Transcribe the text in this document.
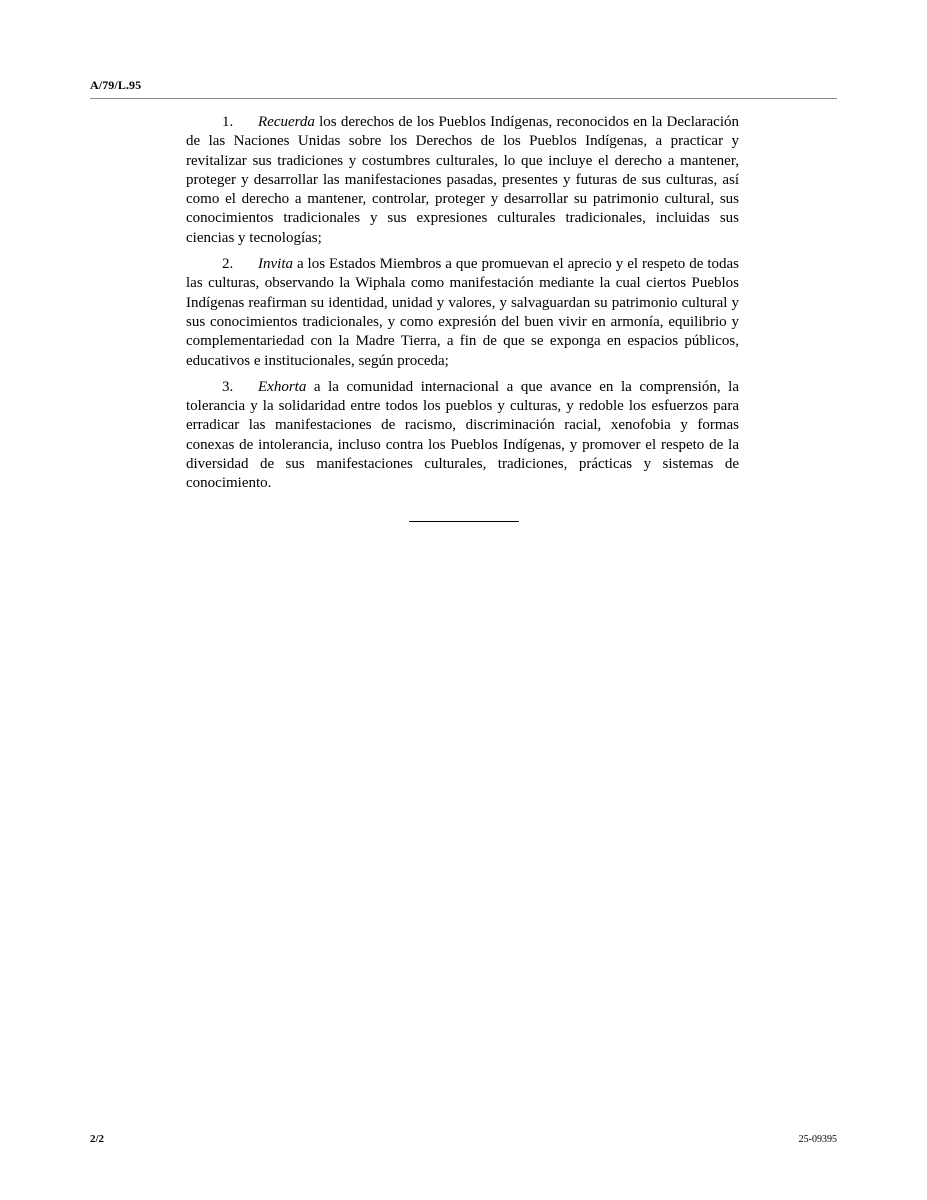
A/79/L.95

1. Recuerda los derechos de los Pueblos Indígenas, reconocidos en la Declaración de las Naciones Unidas sobre los Derechos de los Pueblos Indígenas, a practicar y revitalizar sus tradiciones y costumbres culturales, lo que incluye el derecho a mantener, proteger y desarrollar las manifestaciones pasadas, presentes y futuras de sus culturas, así como el derecho a mantener, controlar, proteger y desarrollar su patrimonio cultural, sus conocimientos tradicionales y sus expresiones culturales tradicionales, incluidas sus ciencias y tecnologías;

2. Invita a los Estados Miembros a que promuevan el aprecio y el respeto de todas las culturas, observando la Wiphala como manifestación mediante la cual ciertos Pueblos Indígenas reafirman su identidad, unidad y valores, y salvaguardan su patrimonio cultural y sus conocimientos tradicionales, y como expresión del buen vivir en armonía, equilibrio y complementariedad con la Madre Tierra, a fin de que se exponga en espacios públicos, educativos e institucionales, según proceda;

3. Exhorta a la comunidad internacional a que avance en la comprensión, la tolerancia y la solidaridad entre todos los pueblos y culturas, y redoble los esfuerzos para erradicar las manifestaciones de racismo, discriminación racial, xenofobia y formas conexas de intolerancia, incluso contra los Pueblos Indígenas, y promover el respeto de la diversidad de sus manifestaciones culturales, tradiciones, prácticas y sistemas de conocimiento.

2/2	25-09395
